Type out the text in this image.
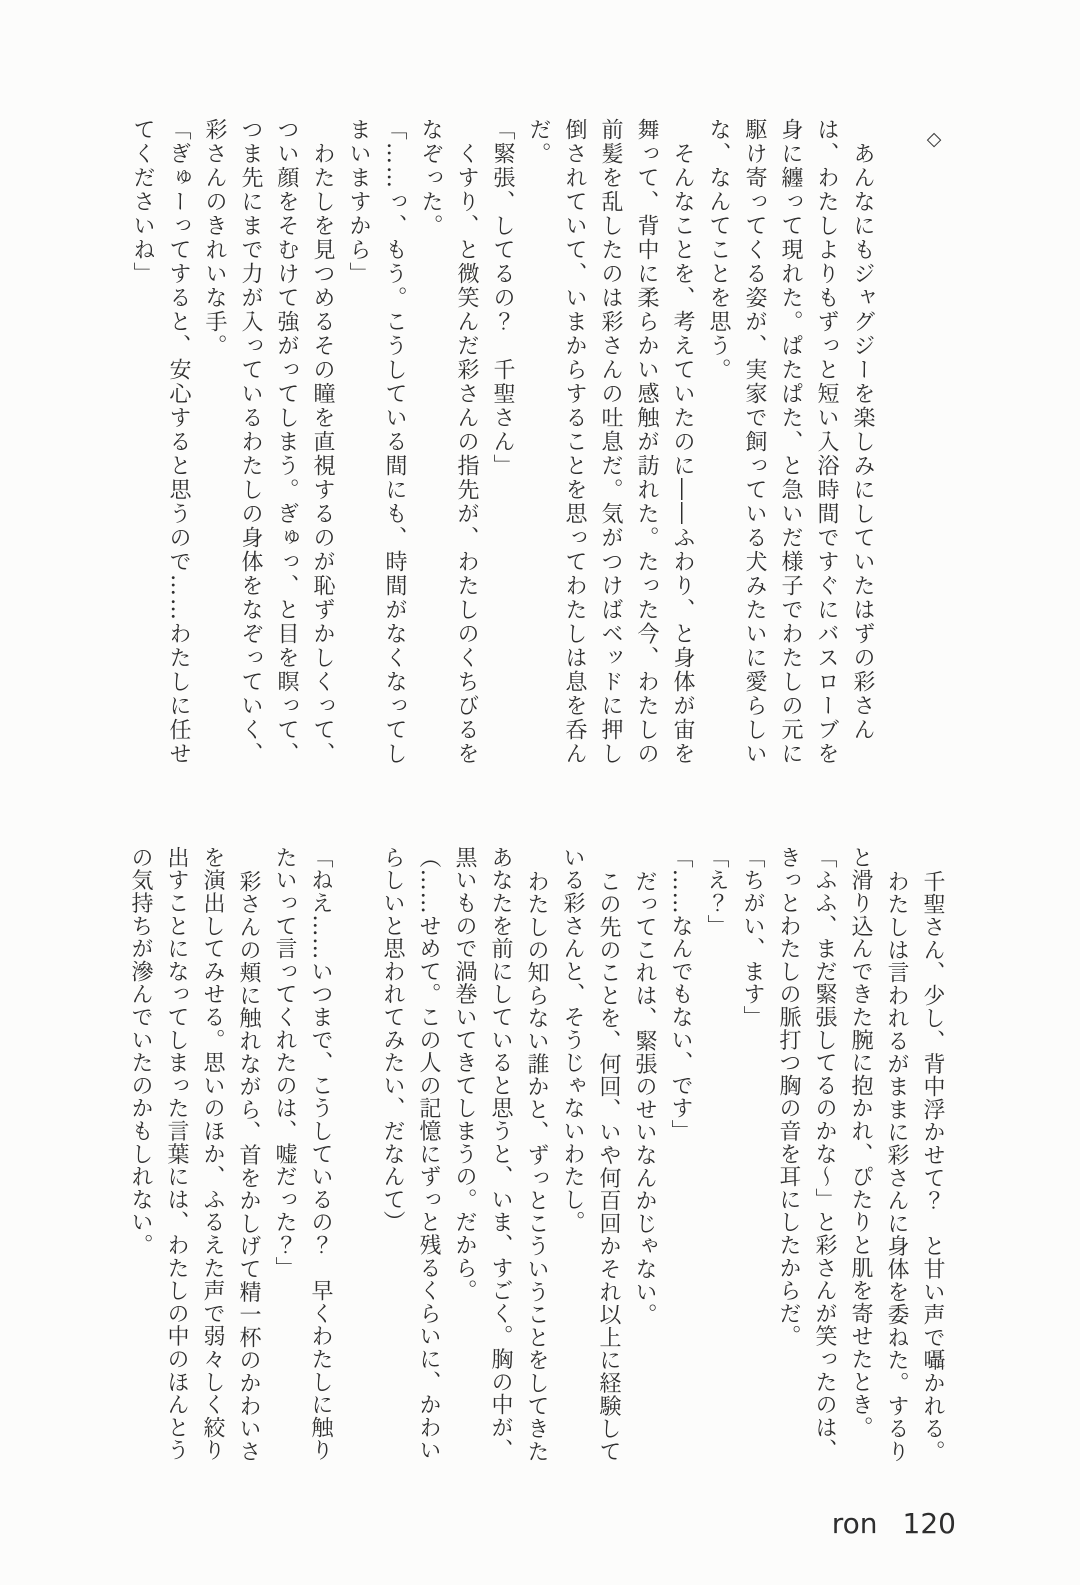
◇

あんなにもジャグジーを楽しみにしていたはずの彩さん

は、わたしよりもずっと短い入浴時間ですぐにバスローブを

身に纏って現れた。ぱたぱた、と急いだ様子でわたしの元に

駆け寄ってくる姿が、実家で飼っている犬みたいに愛らしい

な、なんてことを思う。

そんなことを、考えていたのに――ふわり、と身体が宙を

舞って、背中に柔らかい感触が訪れた。たった今、わたしの

前髪を乱したのは彩さんの吐息だ。気がつけばベッドに押し

倒されていて、いまからすることを思ってわたしは息を呑ん

だ。

「緊張、してるの？　千聖さん」

くすり、と微笑んだ彩さんの指先が、わたしのくちびるを

なぞった。

「……っ、もう。こうしている間にも、時間がなくなってし

まいますから」

わたしを見つめるその瞳を直視するのが恥ずかしくって、

つい顔をそむけて強がってしまう。ぎゅっ、と目を瞑って、

つま先にまで力が入っているわたしの身体をなぞっていく、

彩さんのきれいな手。

「ぎゅーってすると、安心すると思うので……わたしに任せ

てくださいね」

千聖さん、少し、背中浮かせて？　と甘い声で囁かれる。

わたしは言われるがままに彩さんに身体を委ねた。するり

と滑り込んできた腕に抱かれ、ぴたりと肌を寄せたとき。

「ふふ、まだ緊張してるのかな〜」と彩さんが笑ったのは、

きっとわたしの脈打つ胸の音を耳にしたからだ。

「ちがい、ます」

「え？」

「……なんでもない、です」

だってこれは、緊張のせいなんかじゃない。

この先のことを、何回、いや何百回かそれ以上に経験して

いる彩さんと、そうじゃないわたし。

わたしの知らない誰かと、ずっとこういうことをしてきた

あなたを前にしていると思うと、いま、すごく。胸の中が、

黒いもので渦巻いてきてしまうの。だから。

（……せめて。この人の記憶にずっと残るくらいに、かわい

らしいと思われてみたい、だなんて）

「ねえ……いつまで、こうしているの？　早くわたしに触り

たいって言ってくれたのは、嘘だった？」

彩さんの頬に触れながら、首をかしげて精一杯のかわいさ

を演出してみせる。思いのほか、ふるえた声で弱々しく絞り

出すことになってしまった言葉には、わたしの中のほんとう

の気持ちが滲んでいたのかもしれない。

ron 120
